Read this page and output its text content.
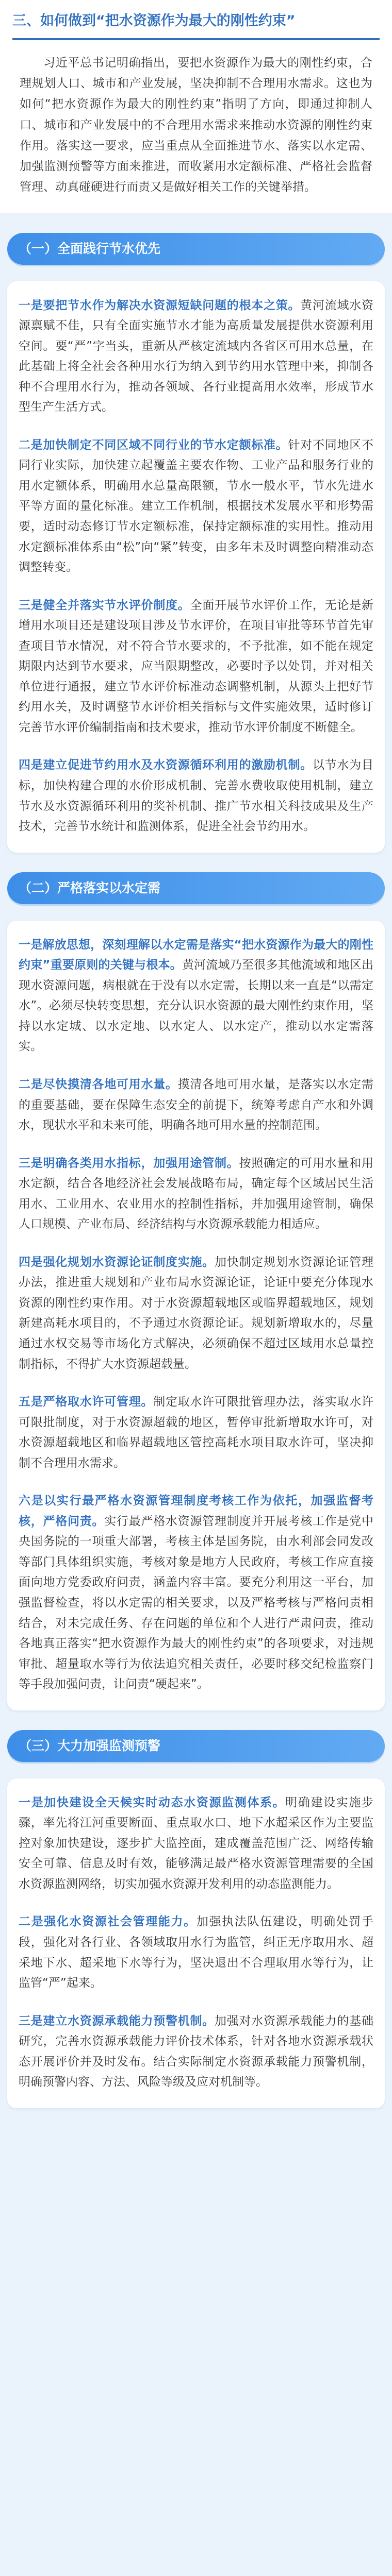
三、如何做到“把水资源作为最大的刚性约束”
习近平总书记明确指出，要把水资源作为最大的刚性约束，合理规划人口、城市和产业发展，坚决抑制不合理用水需求。这也为如何“把水资源作为最大的刚性约束”指明了方向，即通过抑制人口、城市和产业发展中的不合理用水需求来推动水资源的刚性约束作用。落实这一要求，应当重点从全面推进节水、落实以水定需、加强监测预警等方面来推进，而收紧用水定额标准、严格社会监督管理、动真碰硬进行而责又是做好相关工作的关键举措。
（一）全面践行节水优先

一是要把节水作为解决水资源短缺问题的根本之策。黄河流域水资源禀赋不佳，只有全面实施节水才能为高质量发展提供水资源利用空间。要“严”字当头，重新从严核定流域内各省区可用水总量，在此基础上将全社会各种用水行为纳入到节约用水管理中来，抑制各种不合理用水行为，推动各领域、各行业提高用水效率，形成节水型生产生活方式。

二是加快制定不同区域不同行业的节水定额标准。针对不同地区不同行业实际，加快建立起覆盖主要农作物、工业产品和服务行业的用水定额体系，明确用水总量高限额，节水一般水平，节水先进水平等方面的量化标准。建立工作机制，根据技术发展水平和形势需要，适时动态修订节水定额标准，保持定额标准的实用性。推动用水定额标准体系由“松”向“紧”转变，由多年未及时调整向精准动态调整转变。

三是健全并落实节水评价制度。全面开展节水评价工作，无论是新增用水项目还是建设项目涉及节水评价，在项目审批等环节首先审查项目节水情况，对不符合节水要求的，不予批准，如不能在规定期限内达到节水要求，应当限期整改，必要时予以处罚，并对相关单位进行通报，建立节水评价标准动态调整机制，从源头上把好节约用水关，及时调整节水评价相关指标与文件实施效果，适时修订完善节水评价编制指南和技术要求，推动节水评价制度不断健全。

四是建立促进节约用水及水资源循环利用的激励机制。以节水为目标，加快构建合理的水价形成机制、完善水费收取使用机制，建立节水及水资源循环利用的奖补机制、推广节水相关科技成果及生产技术，完善节水统计和监测体系，促进全社会节约用水。

（二）严格落实以水定需

一是解放思想，深刻理解以水定需是落实“把水资源作为最大的刚性约束”重要原则的关键与根本。黄河流域乃至很多其他流域和地区出现水资源问题，病根就在于没有以水定需，长期以来一直是“以需定水”。必须尽快转变思想，充分认识水资源的最大刚性约束作用，坚持以水定城、以水定地、以水定人、以水定产，推动以水定需落实。

二是尽快摸清各地可用水量。摸清各地可用水量，是落实以水定需的重要基础，要在保障生态安全的前提下，统筹考虑自产水和外调水，现状水平和未来可能，明确各地可用水量的控制范围。

三是明确各类用水指标，加强用途管制。按照确定的可用水量和用水定额，结合各地经济社会发展战略布局，确定每个区域居民生活用水、工业用水、农业用水的控制性指标，并加强用途管制，确保人口规模、产业布局、经济结构与水资源承载能力相适应。

四是强化规划水资源论证制度实施。加快制定规划水资源论证管理办法，推进重大规划和产业布局水资源论证，论证中要充分体现水资源的刚性约束作用。对于水资源超载地区或临界超载地区，规划新建高耗水项目的，不予通过水资源论证。规划新增取水的，尽量通过水权交易等市场化方式解决，必须确保不超过区域用水总量控制指标，不得扩大水资源超载量。

五是严格取水许可管理。制定取水许可限批管理办法，落实取水许可限批制度，对于水资源超载的地区，暂停审批新增取水许可，对水资源超载地区和临界超载地区管控高耗水项目取水许可，坚决抑制不合理用水需求。

六是以实行最严格水资源管理制度考核工作为依托，加强监督考核，严格问责。实行最严格水资源管理制度并开展考核工作是党中央国务院的一项重大部署，考核主体是国务院，由水利部会同发改等部门具体组织实施，考核对象是地方人民政府，考核工作应直接面向地方党委政府问责，涵盖内容丰富。要充分利用这一平台，加强监督检查，将以水定需的相关要求，以及严格考核与严格问责相结合，对未完成任务、存在问题的单位和个人进行严肃问责，推动各地真正落实“把水资源作为最大的刚性约束”的各项要求，对违规审批、超量取水等行为依法追究相关责任，必要时移交纪检监察门等手段加强问责，让问责“硬起来”。

（三）大力加强监测预警

一是加快建设全天候实时动态水资源监测体系。明确建设实施步骤，率先将江河重要断面、重点取水口、地下水超采区作为主要监控对象加快建设，逐步扩大监控面，建成覆盖范围广泛、网络传输安全可靠、信息及时有效，能够满足最严格水资源管理需要的全国水资源监测网络，切实加强水资源开发利用的动态监测能力。

二是强化水资源社会管理能力。加强执法队伍建设，明确处罚手段，强化对各行业、各领域取用水行为监管，纠正无序取用水、超采地下水、超采地下水等行为，坚决退出不合理取用水等行为，让监管“严”起来。

三是建立水资源承载能力预警机制。加强对水资源承载能力的基础研究，完善水资源承载能力评价技术体系，针对各地水资源承载状态开展评价并及时发布。结合实际制定水资源承载能力预警机制，明确预警内容、方法、风险等级及应对机制等。
